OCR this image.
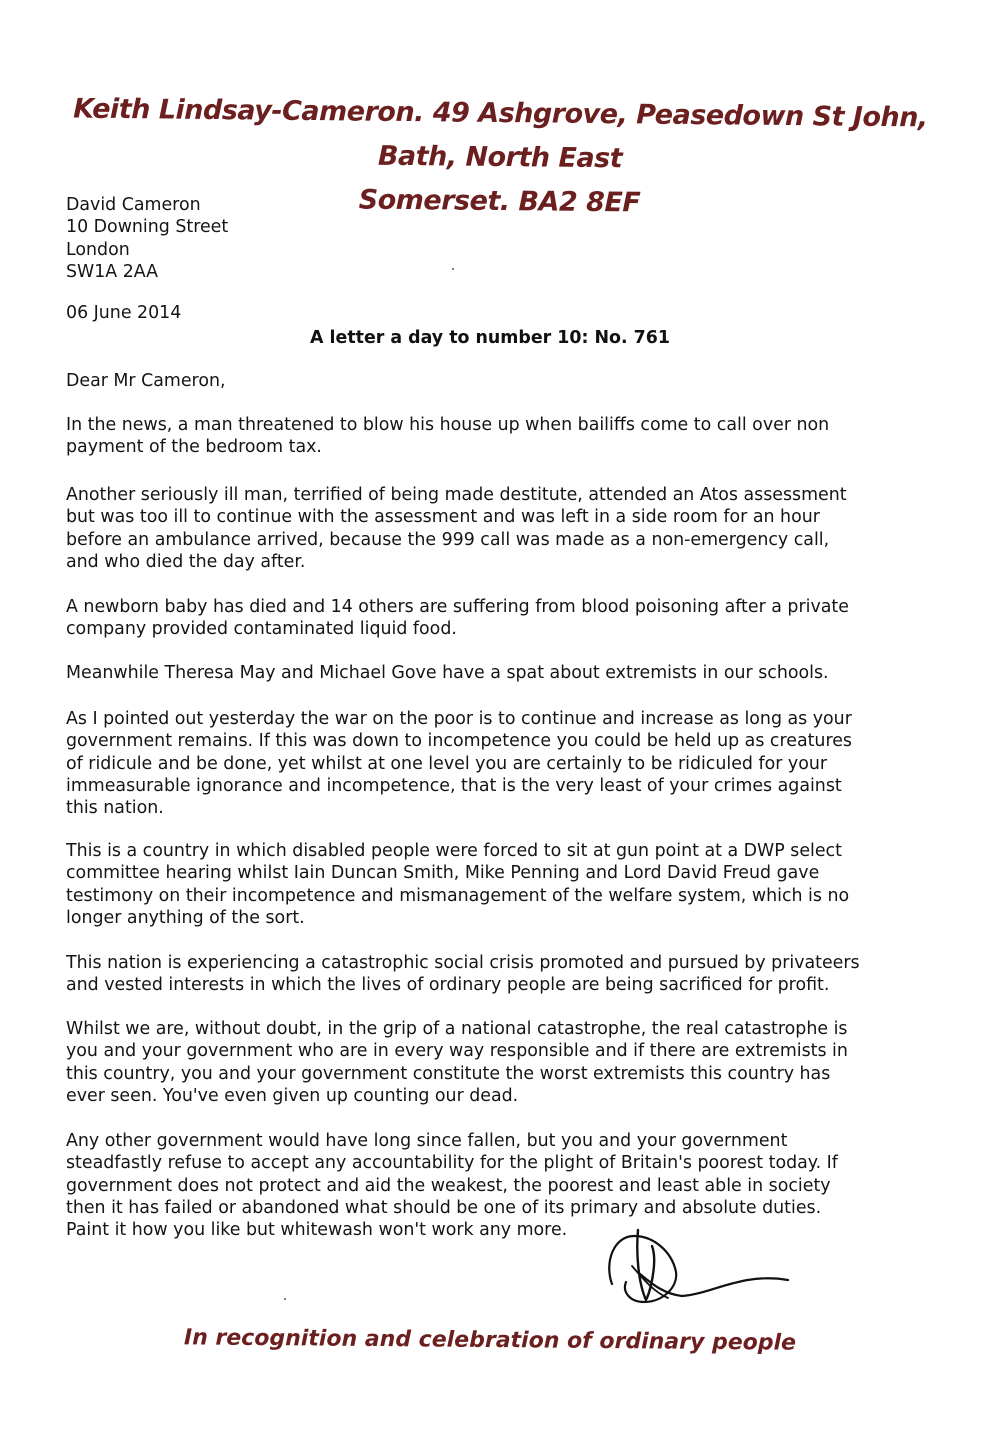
Keith Lindsay-Cameron. 49 Ashgrove, Peasedown St John, Bath, North East
Somerset. BA2 8EF
David Cameron
10 Downing Street
London
SW1A 2AA
06 June 2014
A letter a day to number 10: No. 761
Dear Mr Cameron,
In the news, a man threatened to blow his house up when bailiffs come to call over non
payment of the bedroom tax.
Another seriously ill man, terrified of being made destitute, attended an Atos assessment
but was too ill to continue with the assessment and was left in a side room for an hour
before an ambulance arrived, because the 999 call was made as a non-emergency call,
and who died the day after.
A newborn baby has died and 14 others are suffering from blood poisoning after a private
company provided contaminated liquid food.
Meanwhile Theresa May and Michael Gove have a spat about extremists in our schools.
As I pointed out yesterday the war on the poor is to continue and increase as long as your
government remains. If this was down to incompetence you could be held up as creatures
of ridicule and be done, yet whilst at one level you are certainly to be ridiculed for your
immeasurable ignorance and incompetence, that is the very least of your crimes against
this nation.
This is a country in which disabled people were forced to sit at gun point at a DWP select
committee hearing whilst Iain Duncan Smith, Mike Penning and Lord David Freud gave
testimony on their incompetence and mismanagement of the welfare system, which is no
longer anything of the sort.
This nation is experiencing a catastrophic social crisis promoted and pursued by privateers
and vested interests in which the lives of ordinary people are being sacrificed for profit.
Whilst we are, without doubt, in the grip of a national catastrophe, the real catastrophe is
you and your government who are in every way responsible and if there are extremists in
this country, you and your government constitute the worst extremists this country has
ever seen. You've even given up counting our dead.
Any other government would have long since fallen, but you and your government
steadfastly refuse to accept any accountability for the plight of Britain's poorest today. If
government does not protect and aid the weakest, the poorest and least able in society
then it has failed or abandoned what should be one of its primary and absolute duties.
Paint it how you like but whitewash won't work any more.
In recognition and celebration of ordinary people
